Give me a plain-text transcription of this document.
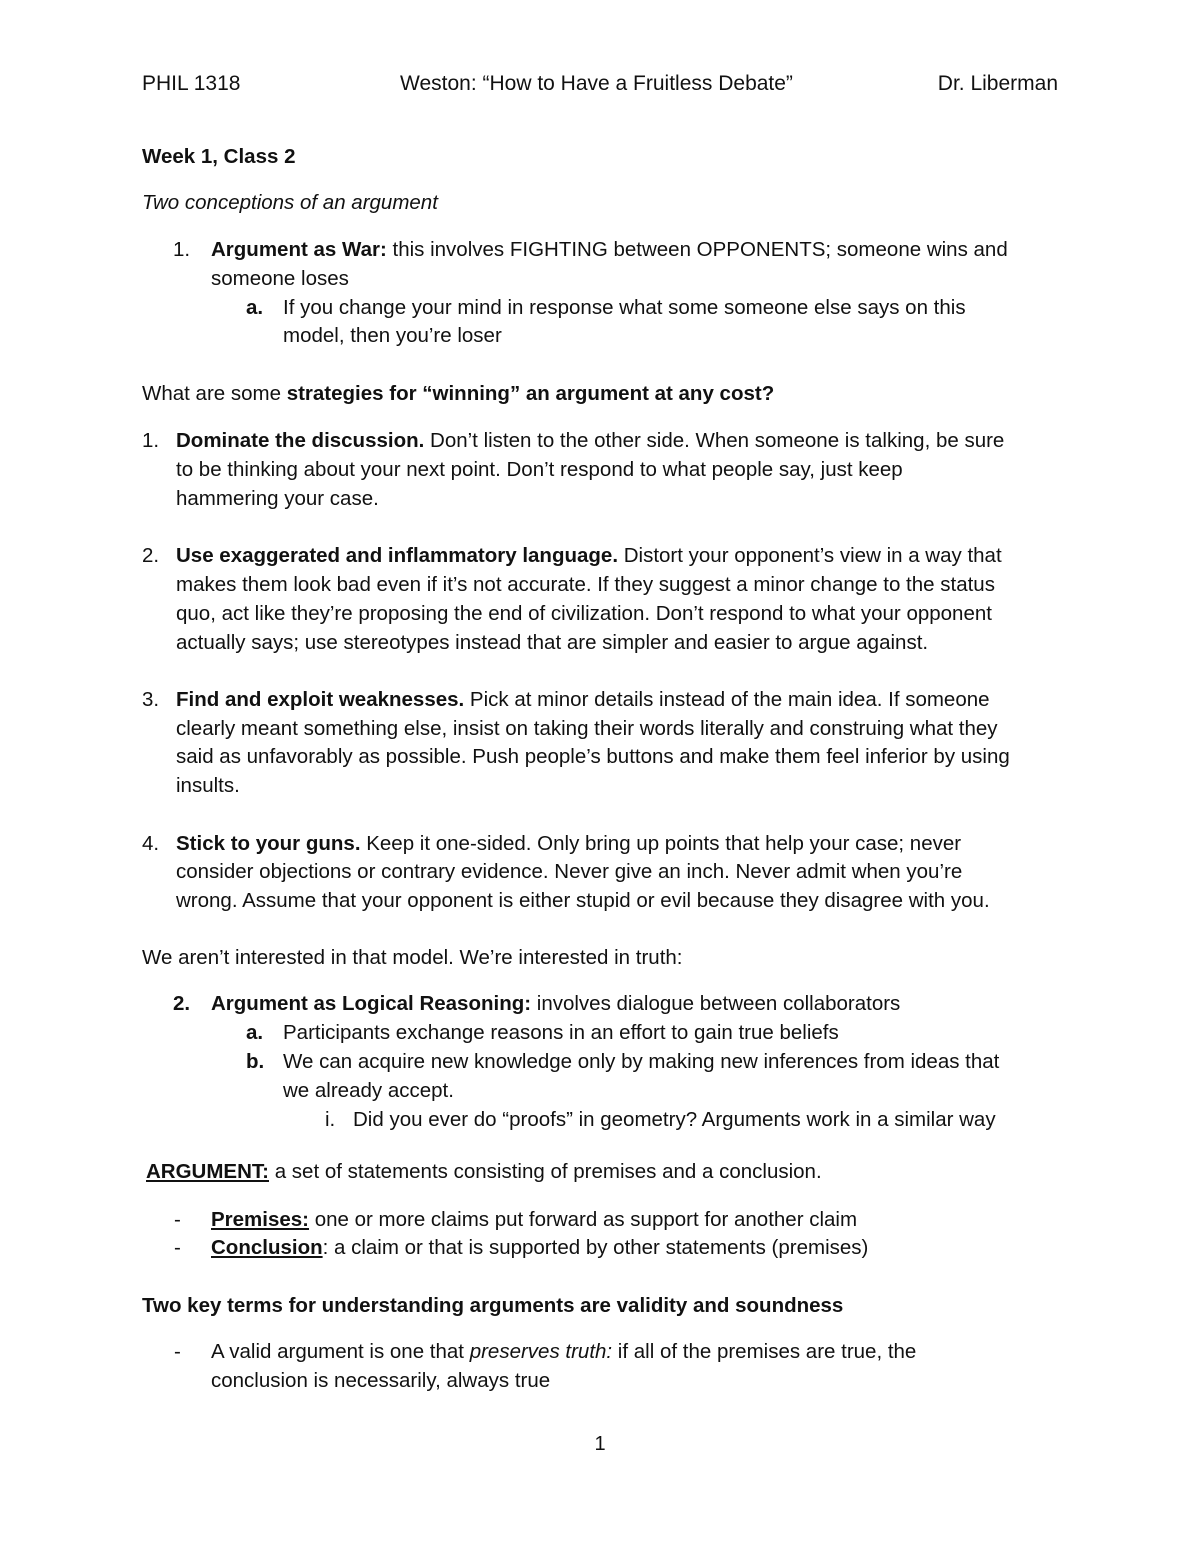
PHIL 1318	Weston: “How to Have a Fruitless Debate”	Dr. Liberman
Week 1, Class 2
Two conceptions of an argument
1. Argument as War: this involves FIGHTING between OPPONENTS; someone wins and
someone loses
a. If you change your mind in response what some someone else says on this
model, then you’re loser
What are some strategies for “winning” an argument at any cost?
1. Dominate the discussion. Don’t listen to the other side. When someone is talking, be sure
to be thinking about your next point. Don’t respond to what people say, just keep
hammering your case.
2. Use exaggerated and inflammatory language. Distort your opponent’s view in a way that
makes them look bad even if it’s not accurate. If they suggest a minor change to the status
quo, act like they’re proposing the end of civilization. Don’t respond to what your opponent
actually says; use stereotypes instead that are simpler and easier to argue against.
3. Find and exploit weaknesses. Pick at minor details instead of the main idea. If someone
clearly meant something else, insist on taking their words literally and construing what they
said as unfavorably as possible. Push people’s buttons and make them feel inferior by using
insults.
4. Stick to your guns. Keep it one-sided. Only bring up points that help your case; never
consider objections or contrary evidence. Never give an inch. Never admit when you’re
wrong. Assume that your opponent is either stupid or evil because they disagree with you.
We aren’t interested in that model. We’re interested in truth:
2. Argument as Logical Reasoning: involves dialogue between collaborators
a. Participants exchange reasons in an effort to gain true beliefs
b. We can acquire new knowledge only by making new inferences from ideas that
we already accept.
i. Did you ever do “proofs” in geometry? Arguments work in a similar way
ARGUMENT: a set of statements consisting of premises and a conclusion.
- Premises: one or more claims put forward as support for another claim
- Conclusion: a claim or that is supported by other statements (premises)
Two key terms for understanding arguments are validity and soundness
- A valid argument is one that preserves truth: if all of the premises are true, the
conclusion is necessarily, always true
1
